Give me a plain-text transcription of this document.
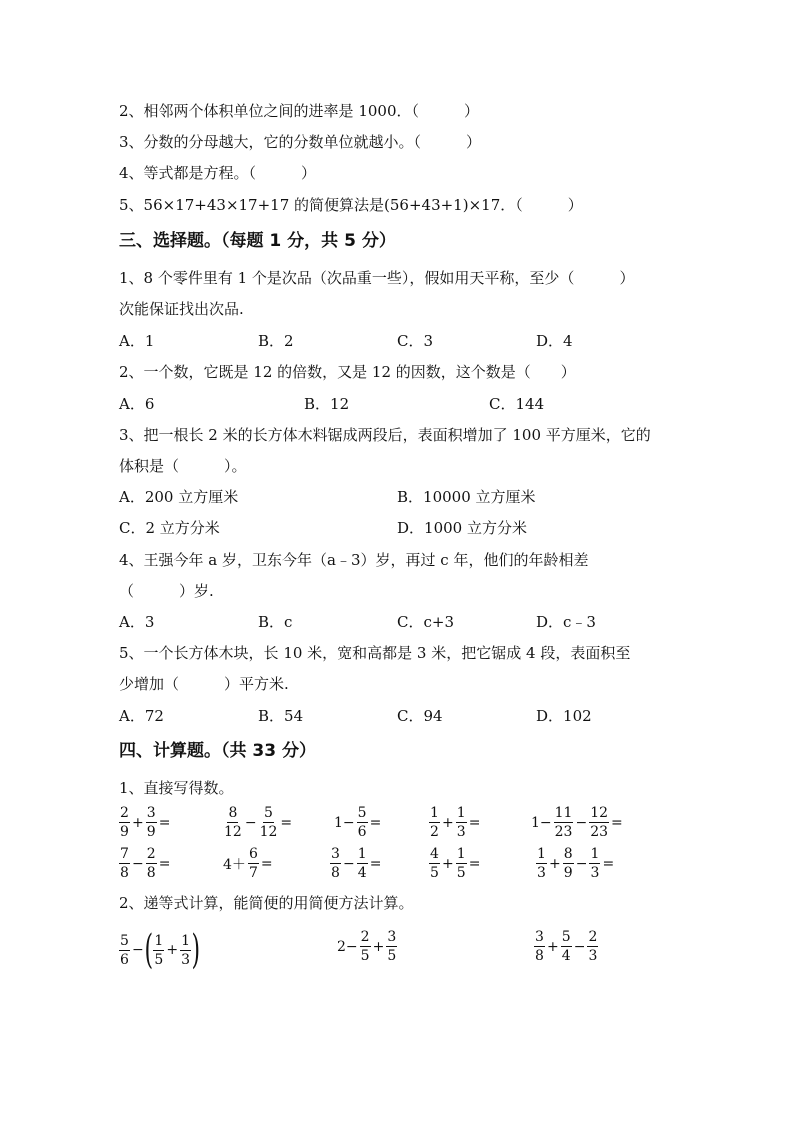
2、相邻两个体积单位之间的进率是 1000．（　　　）
3、分数的分母越大，它的分数单位就越小。（　　　）
4、等式都是方程。（　　　）
5、56×17+43×17+17 的简便算法是(56+43+1)×17．（　　　）
三、选择题。（每题 1 分，共 5 分）
1、8 个零件里有 1 个是次品（次品重一些），假如用天平称，至少（　　　）
次能保证找出次品.
A．1	B．2	C．3	D．4
2、一个数，它既是 12 的倍数，又是 12 的因数，这个数是（　　）
A．6	B．12	C．144
3、把一根长 2 米的长方体木料锯成两段后，表面积增加了 100 平方厘米，它的
体积是（　　　）。
A．200 立方厘米	B．10000 立方厘米
C．2 立方分米	D．1000 立方分米
4、王强今年 a 岁，卫东今年（a﹣3）岁，再过 c 年，他们的年龄相差
（　　　）岁.
A．3	B．c	C．c+3	D．c﹣3
5、一个长方体木块，长 10 米，宽和高都是 3 米，把它锯成 4 段，表面积至
少增加（　　　）平方米.
A．72	B．54	C．94	D．102
四、计算题。（共 33 分）
1、直接写得数。
$\frac{2}{9} + \frac{3}{9}$ =	$\frac{8}{12} - \frac{5}{12}$ =	$1- \frac{5}{6}$ =	$\frac{1}{2} + \frac{1}{3}$ =	$1- \frac{11}{23} - \frac{12}{23}$ =
$\frac{7}{8} - \frac{2}{8}$ =	$4+ \frac{6}{7}$ =	$\frac{3}{8} - \frac{1}{4}$ =	$\frac{4}{5} + \frac{1}{5}$ =	$\frac{1}{3} + \frac{8}{9} - \frac{1}{3}$ =
2、递等式计算，能简便的用简便方法计算。
$\frac{5}{6}$ − ( $\frac{1}{5} + \frac{1}{3}$ )	$2- \frac{2}{5} + \frac{3}{5}$	$\frac{3}{8} + \frac{5}{4} - \frac{2}{3}$
